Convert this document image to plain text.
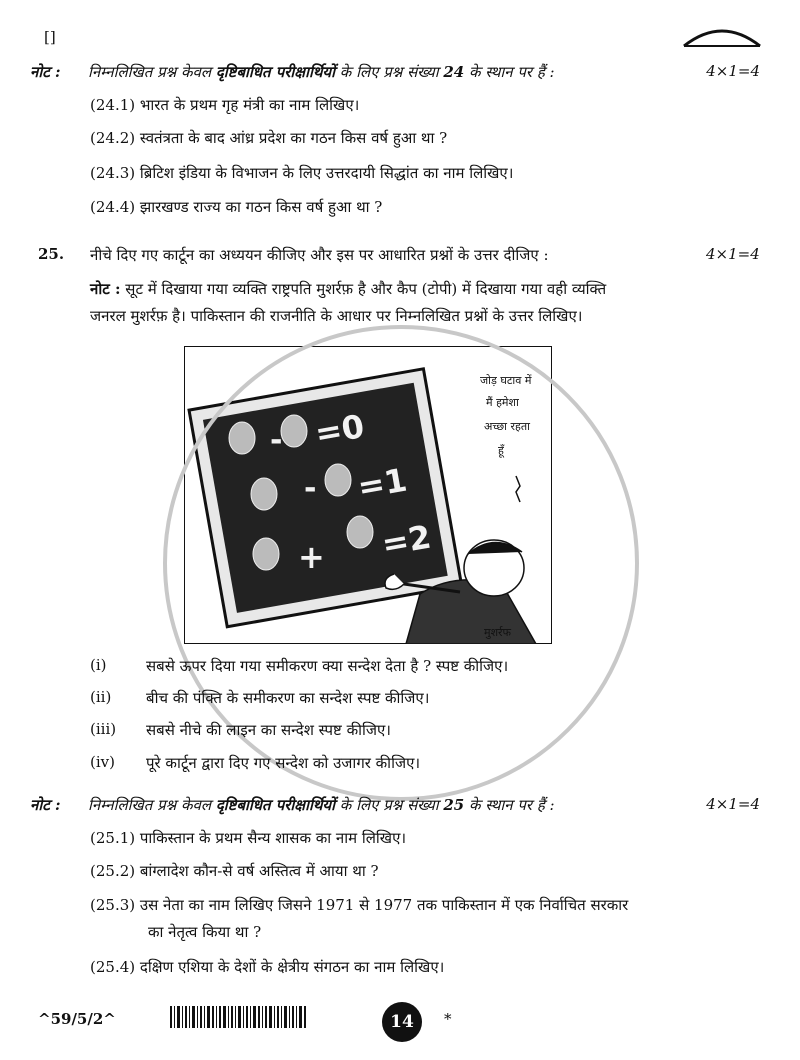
[]
नोट : निम्नलिखित प्रश्न केवल दृष्टिबाधित परीक्षार्थियों के लिए प्रश्न संख्या 24 के स्थान पर हैं :	4×1=4
(24.1) भारत के प्रथम गृह मंत्री का नाम लिखिए।
(24.2) स्वतंत्रता के बाद आंध्र प्रदेश का गठन किस वर्ष हुआ था ?
(24.3) ब्रिटिश इंडिया के विभाजन के लिए उत्तरदायी सिद्धांत का नाम लिखिए।
(24.4) झारखण्ड राज्य का गठन किस वर्ष हुआ था ?
25. नीचे दिए गए कार्टून का अध्ययन कीजिए और इस पर आधारित प्रश्नों के उत्तर दीजिए :	4×1=4
नोट : सूट में दिखाया गया व्यक्ति राष्ट्रपति मुशर्रफ़ है और कैप (टोपी) में दिखाया गया वही व्यक्ति
जनरल मुशर्रफ़ है। पाकिस्तान की राजनीति के आधार पर निम्नलिखित प्रश्नों के उत्तर लिखिए।
- =0
- =1
+ =2
जोड़ घटाव में
मैं हमेशा
अच्छा रहता
हूँ
मुशर्रफ
(i)	सबसे ऊपर दिया गया समीकरण क्या सन्देश देता है ? स्पष्ट कीजिए।
(ii) बीच की पंक्ति के समीकरण का सन्देश स्पष्ट कीजिए।
(iii) सबसे नीचे की लाइन का सन्देश स्पष्ट कीजिए।
(iv) पूरे कार्टून द्वारा दिए गए सन्देश को उजागर कीजिए।
नोट : निम्नलिखित प्रश्न केवल दृष्टिबाधित परीक्षार्थियों के लिए प्रश्न संख्या 25 के स्थान पर हैं :	4×1=4
(25.1) पाकिस्तान के प्रथम सैन्य शासक का नाम लिखिए।
(25.2) बांग्लादेश कौन-से वर्ष अस्तित्व में आया था ?
(25.3) उस नेता का नाम लिखिए जिसने 1971 से 1977 तक पाकिस्तान में एक निर्वाचित सरकार
का नेतृत्व किया था ?
(25.4) दक्षिण एशिया के देशों के क्षेत्रीय संगठन का नाम लिखिए।
^59/5/2^	14	*
